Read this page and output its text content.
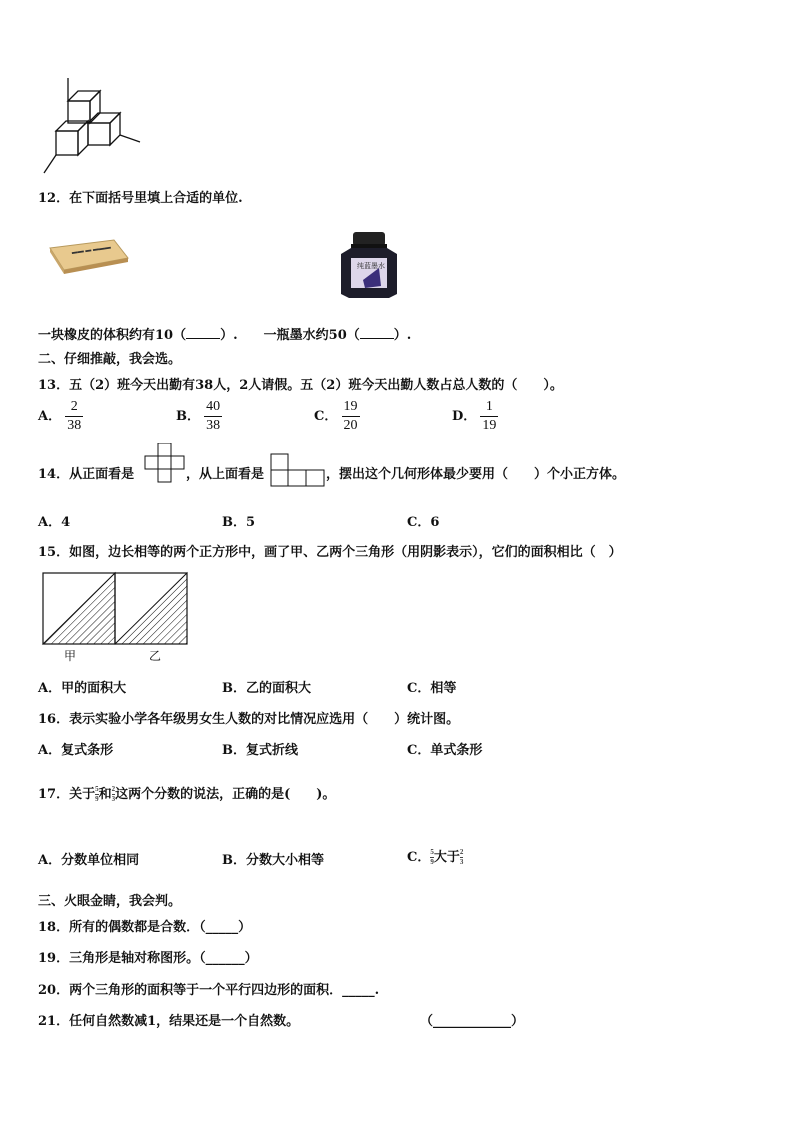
12．在下面括号里填上合适的单位.
▬▬ ▬ ▬▬▬
纯蓝墨水
一块橡皮的体积约有10（	）.　　一瓶墨水约50（	）.
二、仔细推敲，我会选。
13．五（2）班今天出勤有38人，2人请假。五（2）班今天出勤人数占总人数的（　　）。
A． $\frac{2}{38}$	B． $\frac{40}{38}$	C． $\frac{19}{20}$	D． $\frac{1}{19}$
14．从正面看是	，从上面看是	，摆出这个几何形体最少要用（　　）个小正方体。
A．4	B．5	C．6
15．如图，边长相等的两个正方形中，画了甲、乙两个三角形（用阴影表示），它们的面积相比（　）
甲	乙
A．甲的面积大	B．乙的面积大	C．相等
16．表示实验小学各年级男女生人数的对比情况应选用（　　）统计图。
A．复式条形	B．复式折线	C．单式条形
17．关于 $\frac{5}{9}$ 和 $\frac{2}{3}$ 这两个分数的说法，正确的是(　　)。
A．分数单位相同	B．分数大小相等	C． $\frac{5}{9}$ 大于 $\frac{2}{3}$
三、火眼金睛，我会判。
18．所有的偶数都是合数．（_____）
19．三角形是轴对称图形。（______）
20．两个三角形的面积等于一个平行四边形的面积．_____.
21．任何自然数减1，结果还是一个自然数。	（____________）
